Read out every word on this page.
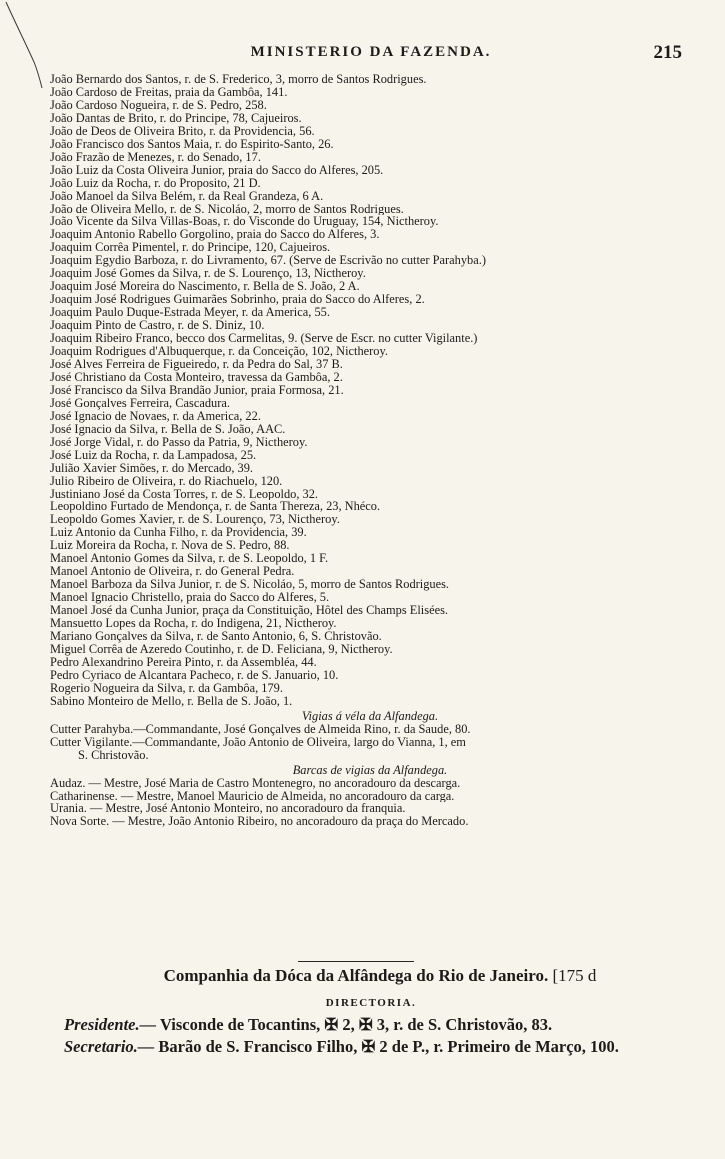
MINISTERIO DA FAZENDA.	215
João Bernardo dos Santos, r. de S. Frederico, 3, morro de Santos Rodrigues.
João Cardoso de Freitas, praia da Gambôa, 141.
João Cardoso Nogueira, r. de S. Pedro, 258.
João Dantas de Brito, r. do Principe, 78, Cajueiros.
João de Deos de Oliveira Brito, r. da Providencia, 56.
João Francisco dos Santos Maia, r. do Espirito-Santo, 26.
João Frazão de Menezes, r. do Senado, 17.
João Luiz da Costa Oliveira Junior, praia do Sacco do Alferes, 205.
João Luiz da Rocha, r. do Proposito, 21 D.
João Manoel da Silva Belém, r. da Real Grandeza, 6 A.
João de Oliveira Mello, r. de S. Nicoláo, 2, morro de Santos Rodrigues.
João Vicente da Silva Villas-Boas, r. do Visconde do Uruguay, 154, Nictheroy.
Joaquim Antonio Rabello Gorgolino, praia do Sacco do Alferes, 3.
Joaquim Corrêa Pimentel, r. do Principe, 120, Cajueiros.
Joaquim Egydio Barboza, r. do Livramento, 67. (Serve de Escrivão no cutter Parahyba.)
Joaquim José Gomes da Silva, r. de S. Lourenço, 13, Nictheroy.
Joaquim José Moreira do Nascimento, r. Bella de S. João, 2 A.
Joaquim José Rodrigues Guimarães Sobrinho, praia do Sacco do Alferes, 2.
Joaquim Paulo Duque-Estrada Meyer, r. da America, 55.
Joaquim Pinto de Castro, r. de S. Diniz, 10.
Joaquim Ribeiro Franco, becco dos Carmelitas, 9. (Serve de Escr. no cutter Vigilante.)
Joaquim Rodrigues d'Albuquerque, r. da Conceição, 102, Nictheroy.
José Alves Ferreira de Figueiredo, r. da Pedra do Sal, 37 B.
José Christiano da Costa Monteiro, travessa da Gambôa, 2.
José Francisco da Silva Brandão Junior, praia Formosa, 21.
José Gonçalves Ferreira, Cascadura.
José Ignacio de Novaes, r. da America, 22.
José Ignacio da Silva, r. Bella de S. João, AAC.
José Jorge Vidal, r. do Passo da Patria, 9, Nictheroy.
José Luiz da Rocha, r. da Lampadosa, 25.
Julião Xavier Simões, r. do Mercado, 39.
Julio Ribeiro de Oliveira, r. do Riachuelo, 120.
Justiniano José da Costa Torres, r. de S. Leopoldo, 32.
Leopoldino Furtado de Mendonça, r. de Santa Thereza, 23, Nhéco.
Leopoldo Gomes Xavier, r. de S. Lourenço, 73, Nictheroy.
Luiz Antonio da Cunha Filho, r. da Providencia, 39.
Luiz Moreira da Rocha, r. Nova de S. Pedro, 88.
Manoel Antonio Gomes da Silva, r. de S. Leopoldo, 1 F.
Manoel Antonio de Oliveira, r. do General Pedra.
Manoel Barboza da Silva Junior, r. de S. Nicoláo, 5, morro de Santos Rodrigues.
Manoel Ignacio Christello, praia do Sacco do Alferes, 5.
Manoel José da Cunha Junior, praça da Constituição, Hôtel des Champs Elisées.
Mansuetto Lopes da Rocha, r. do Indigena, 21, Nictheroy.
Mariano Gonçalves da Silva, r. de Santo Antonio, 6, S. Christovão.
Miguel Corrêa de Azeredo Coutinho, r. de D. Feliciana, 9, Nictheroy.
Pedro Alexandrino Pereira Pinto, r. da Assembléa, 44.
Pedro Cyriaco de Alcantara Pacheco, r. de S. Januario, 10.
Rogerio Nogueira da Silva, r. da Gambôa, 179.
Sabino Monteiro de Mello, r. Bella de S. João, 1.
Vigias á véla da Alfandega.
Cutter Parahyba.—Commandante, José Gonçalves de Almeida Rino, r. da Saude, 80.
Cutter Vigilante.—Commandante, João Antonio de Oliveira, largo do Vianna, 1, em
S. Christovão.
Barcas de vigias da Alfandega.
Audaz. — Mestre, José Maria de Castro Montenegro, no ancoradouro da descarga.
Catharinense. — Mestre, Manoel Mauricio de Almeida, no ancoradouro da carga.
Urania. — Mestre, José Antonio Monteiro, no ancoradouro da franquia.
Nova Sorte. — Mestre, João Antonio Ribeiro, no ancoradouro da praça do Mercado.
Companhia da Dóca da Alfândega do Rio de Janeiro. [175 d
DIRECTORIA.
Presidente.— Visconde de Tocantins, ✠ 2, ✠ 3, r. de S. Christovão, 83.
Secretario.— Barão de S. Francisco Filho, ✠ 2 de P., r. Primeiro de Março, 100.
